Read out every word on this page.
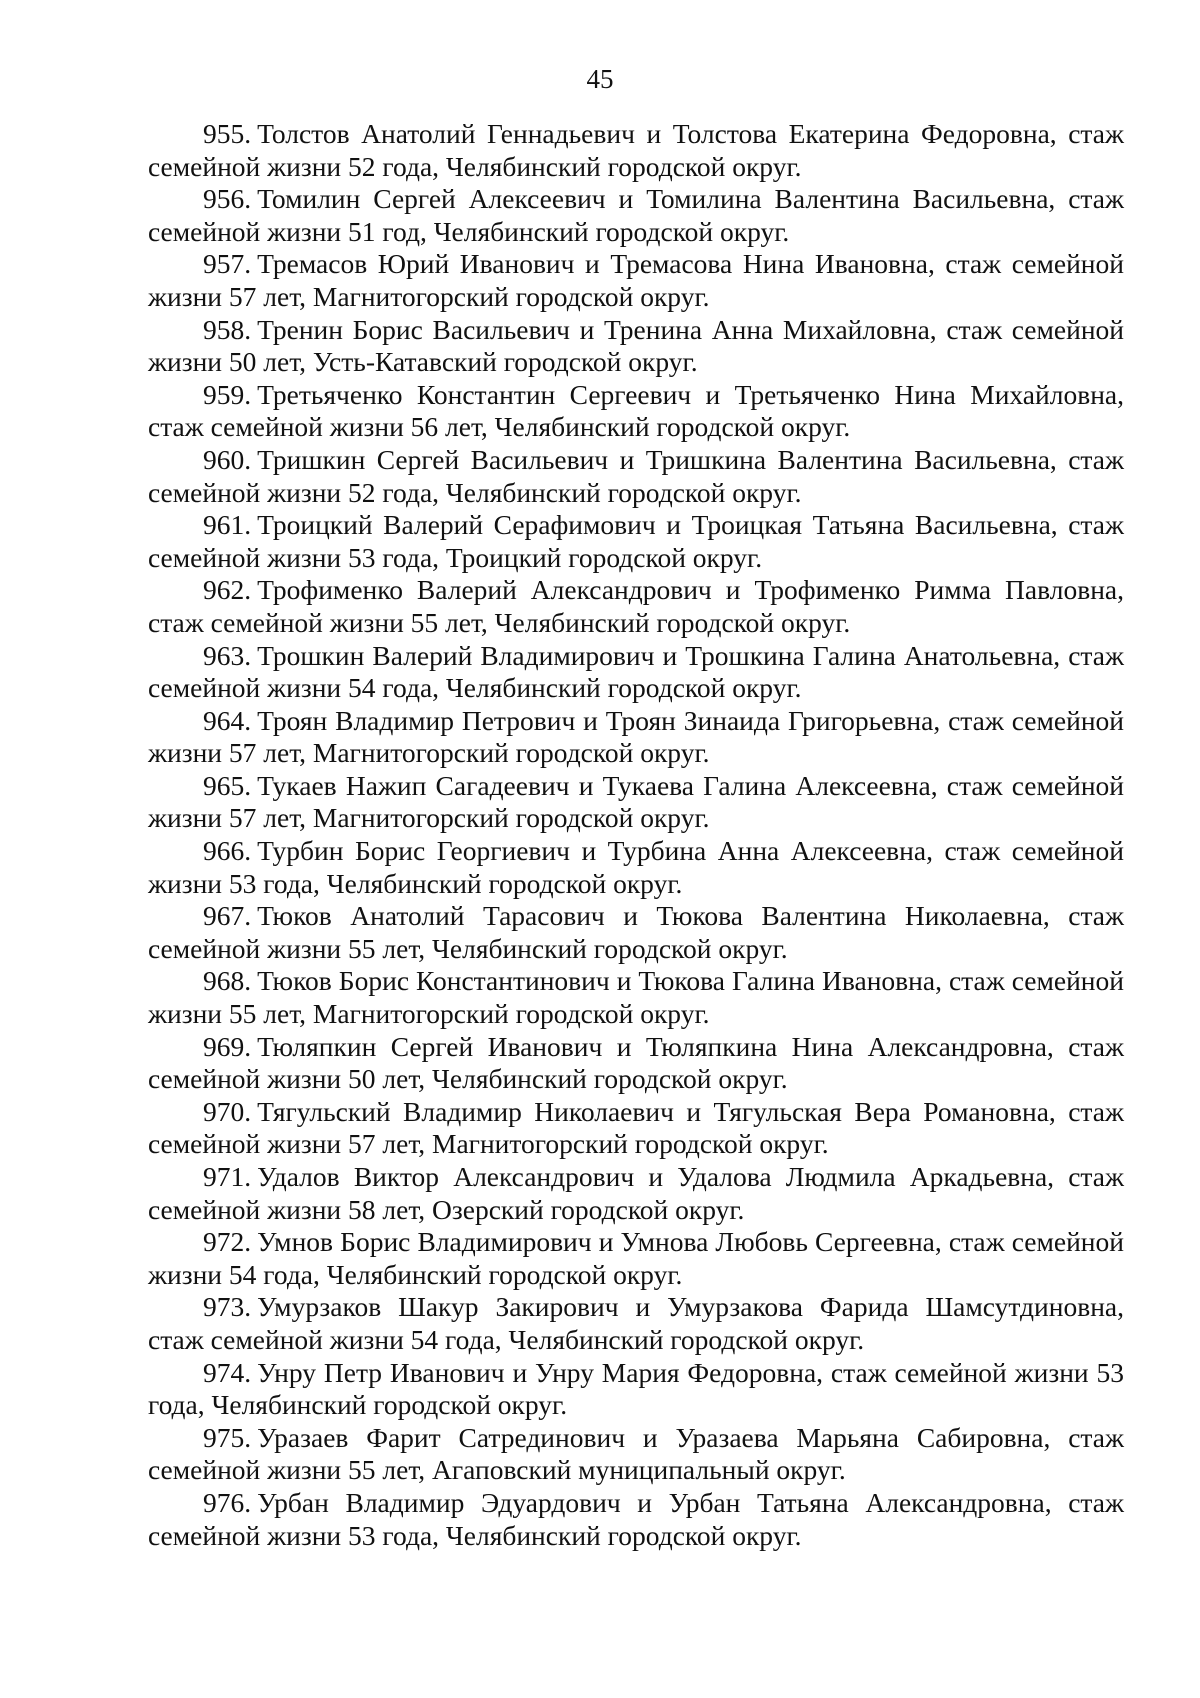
45

955. Толстов Анатолий Геннадьевич и Толстова Екатерина Федоровна, стаж семейной жизни 52 года, Челябинский городской округ.

956. Томилин Сергей Алексеевич и Томилина Валентина Васильевна, стаж семейной жизни 51 год, Челябинский городской округ.

957. Тремасов Юрий Иванович и Тремасова Нина Ивановна, стаж семейной жизни 57 лет, Магнитогорский городской округ.

958. Тренин Борис Васильевич и Тренина Анна Михайловна, стаж семейной жизни 50 лет, Усть-Катавский городской округ.

959. Третьяченко Константин Сергеевич и Третьяченко Нина Михайловна, стаж семейной жизни 56 лет, Челябинский городской округ.

960. Тришкин Сергей Васильевич и Тришкина Валентина Васильевна, стаж семейной жизни 52 года, Челябинский городской округ.

961. Троицкий Валерий Серафимович и Троицкая Татьяна Васильевна, стаж семейной жизни 53 года, Троицкий городской округ.

962. Трофименко Валерий Александрович и Трофименко Римма Павловна, стаж семейной жизни 55 лет, Челябинский городской округ.

963. Трошкин Валерий Владимирович и Трошкина Галина Анатольевна, стаж семейной жизни 54 года, Челябинский городской округ.

964. Троян Владимир Петрович и Троян Зинаида Григорьевна, стаж семейной жизни 57 лет, Магнитогорский городской округ.

965. Тукаев Нажип Сагадеевич и Тукаева Галина Алексеевна, стаж семейной жизни 57 лет, Магнитогорский городской округ.

966. Турбин Борис Георгиевич и Турбина Анна Алексеевна, стаж семейной жизни 53 года, Челябинский городской округ.

967. Тюков Анатолий Тарасович и Тюкова Валентина Николаевна, стаж семейной жизни 55 лет, Челябинский городской округ.

968. Тюков Борис Константинович и Тюкова Галина Ивановна, стаж семейной жизни 55 лет, Магнитогорский городской округ.

969. Тюляпкин Сергей Иванович и Тюляпкина Нина Александровна, стаж семейной жизни 50 лет, Челябинский городской округ.

970. Тягульский Владимир Николаевич и Тягульская Вера Романовна, стаж семейной жизни 57 лет, Магнитогорский городской округ.

971. Удалов Виктор Александрович и Удалова Людмила Аркадьевна, стаж семейной жизни 58 лет, Озерский городской округ.

972. Умнов Борис Владимирович и Умнова Любовь Сергеевна, стаж семейной жизни 54 года, Челябинский городской округ.

973. Умурзаков Шакур Закирович и Умурзакова Фарида Шамсутдиновна, стаж семейной жизни 54 года, Челябинский городской округ.

974. Унру Петр Иванович и Унру Мария Федоровна, стаж семейной жизни 53 года, Челябинский городской округ.

975. Уразаев Фарит Сатрединович и Уразаева Марьяна Сабировна, стаж семейной жизни 55 лет, Агаповский муниципальный округ.

976. Урбан Владимир Эдуардович и Урбан Татьяна Александровна, стаж семейной жизни 53 года, Челябинский городской округ.
